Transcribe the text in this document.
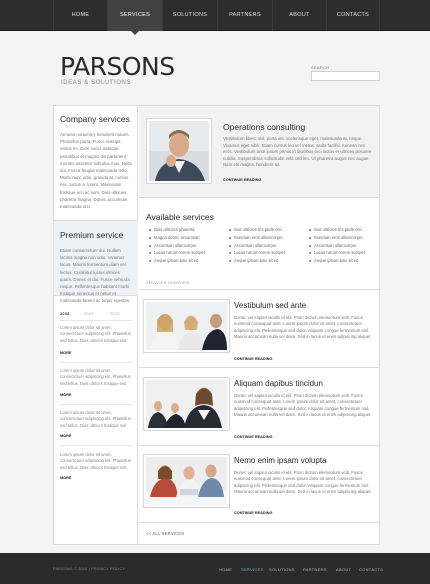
HOME	SERVICES	SOLUTIONS	PARTNERS	ABOUT	CONTACTS
PARSONS
IDEAS & SOLUTIONS
SEARCH
Company services

Aenean nonummy hendrerit mauris. Phasellus porta. Fusce suscipit varius mi. Cum sociis natoque penatibus et magnis dis parturient montes nascetur ridiculus mus. Nulla dui. Fusce feugiat malesuada odio. Morbi nunc odio, gravida at, cursus nec, luctus a, lorem. Maecenas tristique orci ac sem. Duis ultricies pharetra magna. Donec accumsan malesuada orci.

Premium service

Etiam consectetuer dui. Nullam lacinia magna non odio. Vivamus lacus. Mauris fermentum diam vel lectus. Curabitur luctus ultrices quam. Donec et dui. Fusce vehicula neque. Pellentesque habitant morbi tristique senectus et netus et malesuada fames ac turpis egestas.

2008	2009	2010
Lorem ipsum dolor sit amet, consectetuer adipiscing elit. Phasellus sed tellus. Duis ultrices tristique nisl.
MORE
Lorem ipsum dolor sit amet, consectetuer adipiscing elit. Phasellus sed tellus. Duis ultrices tristique nisl.
MORE
Lorem ipsum dolor sit amet, consectetuer adipiscing elit. Phasellus sed tellus. Duis ultrices tristique nisl.
MORE
Lorem ipsum dolor sit amet, consectetuer adipiscing elit. Phasellus sed tellus. Duis ultrices tristique nisl.
MORE
Operations consulting
Vestibulum libero nisl, porta vel, scelerisque eget, malesuada at, neque. Vivamus eget nibh. Etiam cursus leo vel metus. Nulla facilisi. Aenean nec eros. Vestibulum ante ipsum primis in faucibus orci luctus et ultrices posuere cubilia. Suspendisse sollicitudin velit sed leo. Ut pharetra augue nec augue. Nam elit magna, hendrerit sit.
CONTINUE READING
Available services
Duis ultricies pharetra
Magna donec accumsan
Accumsan ullamcorper
Lacus rutrum lorem semper
Aeque ipsum ipse sit eq
Sed ultricies tris pede orci
Interdum eros ullamcorper
Accumsan ullamcorper
Lacus rutrum lorem semper
Aeque ipsum ipse sit eq
Sed ultricies tris pede orci
Interdum eros ullamcorper
Accumsan ullamcorper
Lacus rutrum lorem semper
Aeque ipsum ipse sit eq
SERVICES OVERVIEW
Vestibulum sed ante
Donec vel sapien iaculis id elit. Proin dictum elementum velit. Fusce euismod consequat ante. Lorem ipsum dolor sit amet, consectetuer adipiscing elit. Pellentesque sed dolor. Aliquam congue fermentum nisl. Mauris accumsan nulla vel diam. Sed in lacus ut enim adipiscing aliquet.
CONTINUE READING
Aliquam dapibus tincidun
Donec vel sapien iaculis id elit. Proin dictum elementum velit. Fusce euismod consequat ante. Lorem ipsum dolor sit amet, consectetuer adipiscing elit. Pellentesque sed dolor. Aliquam congue fermentum nisl. Mauris accumsan nulla vel diam. Sed in lacus ut enim adipiscing aliquet.
CONTINUE READING
Nemo enim ipsam volupta
Donec vel sapien iaculis id elit. Proin dictum elementum velit. Fusce euismod consequat ante. Lorem ipsum dolor sit amet, consectetuer adipiscing elit. Pellentesque sed dolor. Aliquam congue fermentum nisl. Mauris accumsan nulla vel diam. Sed in lacus ut enim adipiscing aliquet.
CONTINUE READING
<< ALL SERVICES
PARSONS © 2010 | PRIVACY POLICY	HOME SERVICES SOLUTIONS PARTNERS ABOUT CONTACTS
